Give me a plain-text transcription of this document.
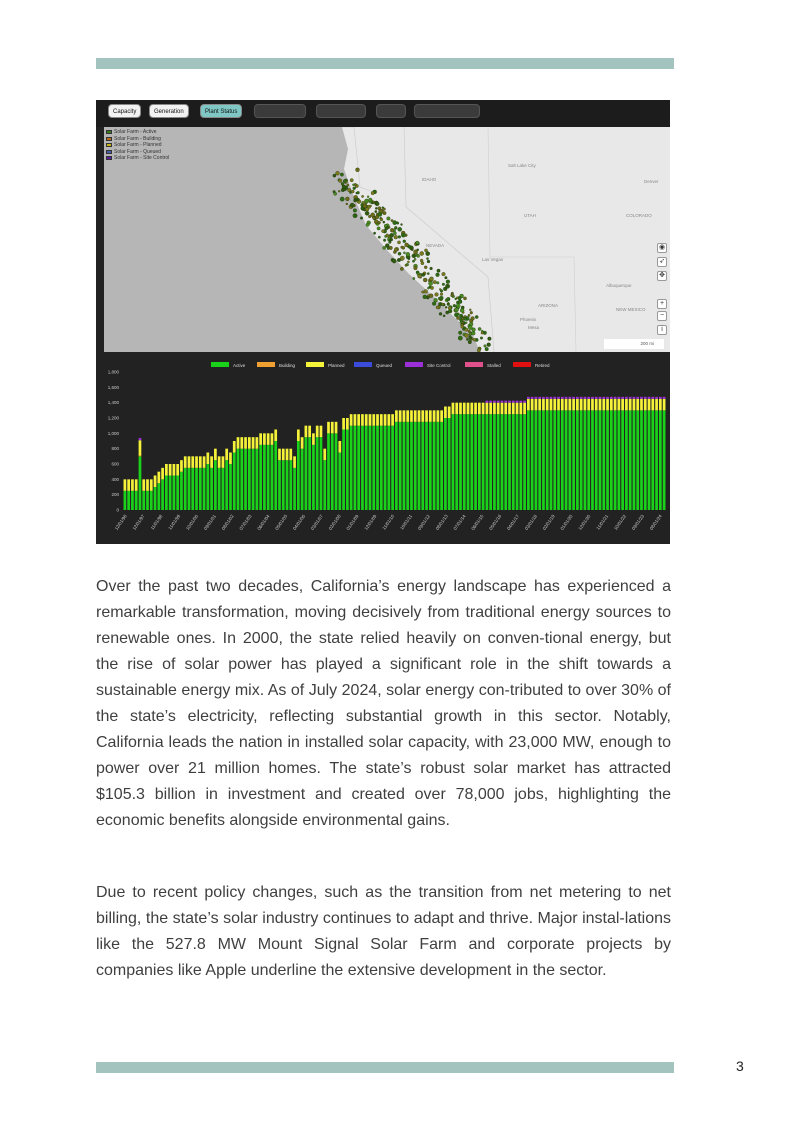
Capacity	Generation	Plant Status
Solar Farm - Active
Solar Farm - Building
Solar Farm - Planned
Solar Farm - Queued
Solar Farm - Site Control
IDAHO
Salt Lake City
UTAH
NEVADA
Las Vegas
ARIZONA
Phoenix
Mesa
Albuquerque
NEW MEXICO
Denver
COLORADO
◉
➶
✥
+
−
i
200 mi
Active	Building	Planned	Queued	Site Control	Stalled	Retired
0
200
400
600
800
1,000
1,200
1,400
1,600
1,800
12/01/96 12/01/97 11/01/98 11/01/99 10/01/00 09/01/01 08/01/02 07/01/03 06/01/04 05/01/05 04/01/06 03/01/07 02/01/08 01/01/09 12/01/09 11/01/10 10/01/11 09/01/12 08/01/13 07/01/14 06/01/15 05/01/16 04/01/17 03/01/18 02/01/19 01/01/20 12/01/20 11/01/21 10/01/22 09/01/23 08/01/24

Over the past two decades, California’s energy landscape has experienced a remarkable transformation, moving decisively from traditional energy sources to renewable ones. In 2000, the state relied heavily on conven-tional energy, but the rise of solar power has played a significant role in the shift towards a sustainable energy mix. As of July 2024, solar energy con-tributed to over 30% of the state’s electricity, reflecting substantial growth in this sector. Notably, California leads the nation in installed solar capacity, with 23,000 MW, enough to power over 21 million homes. The state’s robust solar market has attracted $105.3 billion in investment and created over 78,000 jobs, highlighting the economic benefits alongside environmental gains.

Due to recent policy changes, such as the transition from net metering to net billing, the state’s solar industry continues to adapt and thrive. Major instal-lations like the 527.8 MW Mount Signal Solar Farm and corporate projects by companies like Apple underline the extensive development in the sector.

3
